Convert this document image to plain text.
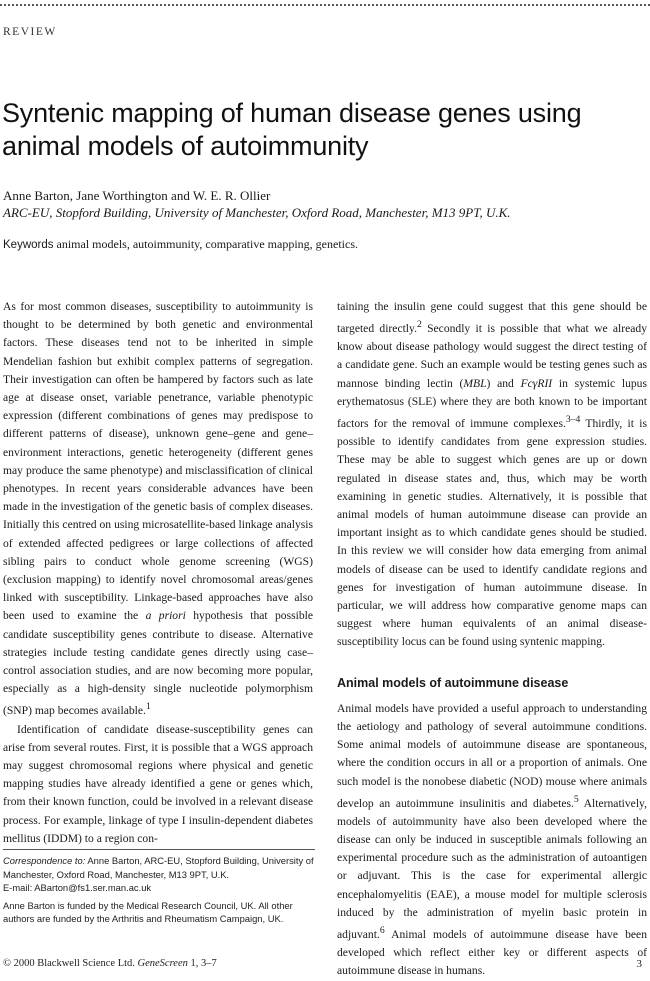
REVIEW
Syntenic mapping of human disease genes using animal models of autoimmunity
Anne Barton, Jane Worthington and W. E. R. Ollier
ARC-EU, Stopford Building, University of Manchester, Oxford Road, Manchester, M13 9PT, U.K.
Keywords animal models, autoimmunity, comparative mapping, genetics.

As for most common diseases, susceptibility to autoimmunity is thought to be determined by both genetic and environmental factors. These diseases tend not to be inherited in simple Mendelian fashion but exhibit complex patterns of segregation. Their investigation can often be hampered by factors such as late age at disease onset, variable penetrance, variable phenotypic expression (different combinations of genes may predispose to different patterns of disease), unknown gene–gene and gene–environment interactions, genetic heterogeneity (different genes may produce the same phenotype) and misclassification of clinical phenotypes. In recent years considerable advances have been made in the investigation of the genetic basis of complex diseases. Initially this centred on using microsatellite-based linkage analysis of extended affected pedigrees or large collections of affected sibling pairs to conduct whole genome screening (WGS) (exclusion mapping) to identify novel chromosomal areas/genes linked with susceptibility. Linkage-based approaches have also been used to examine the a priori hypothesis that possible candidate susceptibility genes contribute to disease. Alternative strategies include testing candidate genes directly using case–control association studies, and are now becoming more popular, especially as a high-density single nucleotide polymorphism (SNP) map becomes available.$^1$

Identification of candidate disease-susceptibility genes can arise from several routes. First, it is possible that a WGS approach may suggest chromosomal regions where physical and genetic mapping studies have already identified a gene or genes which, from their known function, could be involved in a relevant disease process. For example, linkage of type I insulin-dependent diabetes mellitus (IDDM) to a region con-

taining the insulin gene could suggest that this gene should be targeted directly.$^2$ Secondly it is possible that what we already know about disease pathology would suggest the direct testing of a candidate gene. Such an example would be testing genes such as mannose binding lectin (MBL) and FcγRII in systemic lupus erythematosus (SLE) where they are both known to be important factors for the removal of immune complexes.$^{3-4}$ Thirdly, it is possible to identify candidates from gene expression studies. These may be able to suggest which genes are up or down regulated in disease states and, thus, which may be worth examining in genetic studies. Alternatively, it is possible that animal models of human autoimmune disease can provide an important insight as to which candidate genes should be studied. In this review we will consider how data emerging from animal models of disease can be used to identify candidate regions and genes for investigation of human autoimmune disease. In particular, we will address how comparative genome maps can suggest where human equivalents of an animal disease-susceptibility locus can be found using syntenic mapping.

Animal models of autoimmune disease

Animal models have provided a useful approach to understanding the aetiology and pathology of several autoimmune conditions. Some animal models of autoimmune disease are spontaneous, where the condition occurs in all or a proportion of animals. One such model is the nonobese diabetic (NOD) mouse where animals develop an autoimmune insulinitis and diabetes.$^5$ Alternatively, models of autoimmunity have also been developed where the disease can only be induced in susceptible animals following an experimental procedure such as the administration of autoantigen or adjuvant. This is the case for experimental allergic encephalomyelitis (EAE), a mouse model for multiple sclerosis induced by the administration of myelin basic protein in adjuvant.$^6$ Animal models of autoimmune disease have been developed which reflect either key or different aspects of autoimmune disease in humans.

Correspondence to: Anne Barton, ARC-EU, Stopford Building, University of Manchester, Oxford Road, Manchester, M13 9PT, U.K.
E-mail: ABarton@fs1.ser.man.ac.uk

Anne Barton is funded by the Medical Research Council, UK. All other authors are funded by the Arthritis and Rheumatism Campaign, UK.

© 2000 Blackwell Science Ltd. GeneScreen 1, 3–7	3
